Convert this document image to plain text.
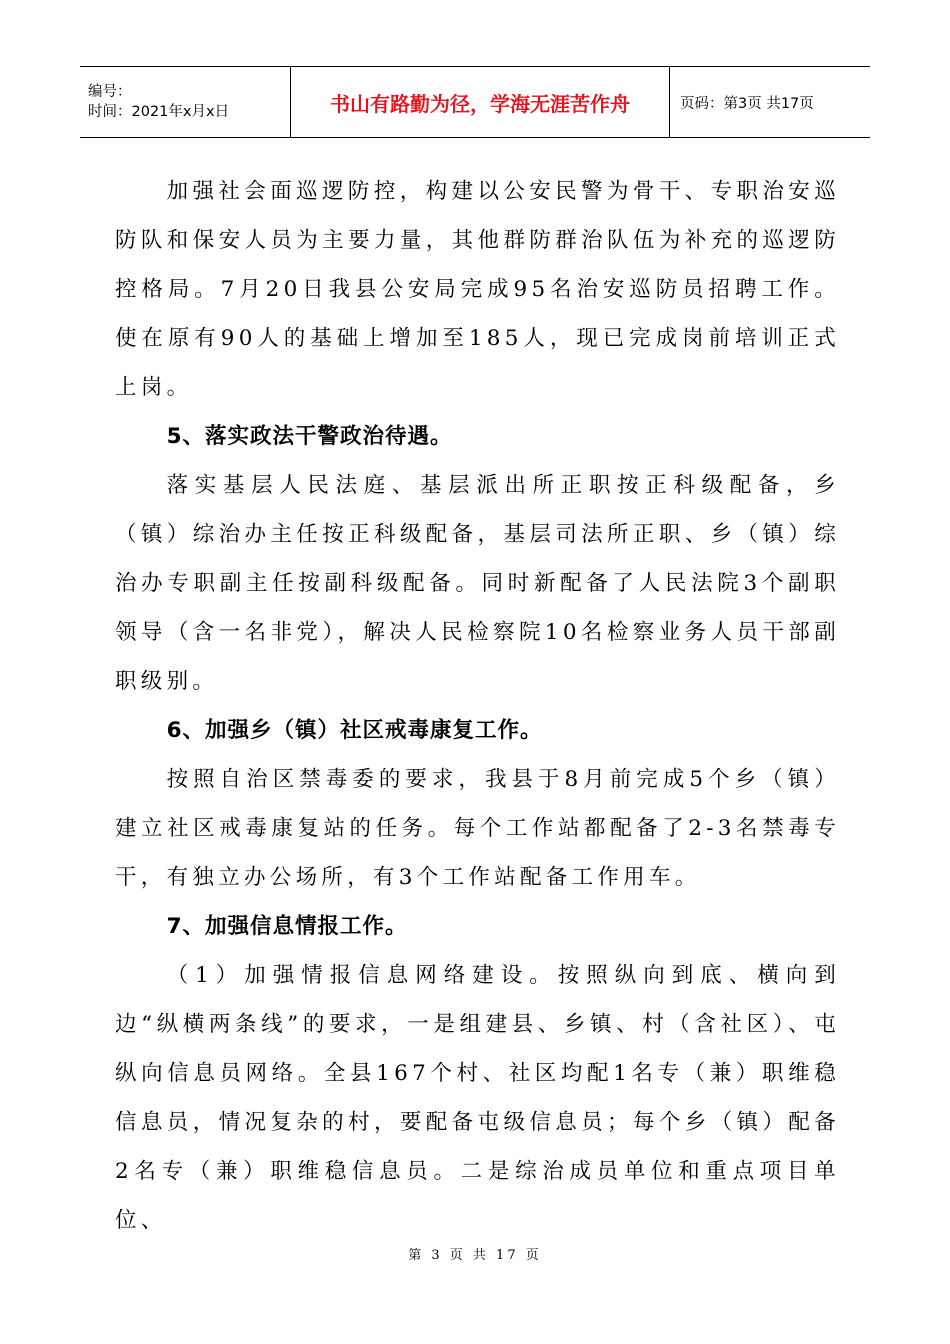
编号：
时间：2021年x月x日	书山有路勤为径，学海无涯苦作舟	页码：第3页 共17页

加强社会面巡逻防控，构建以公安民警为骨干、专职治安巡防队和保安人员为主要力量，其他群防群治队伍为补充的巡逻防控格局。7月20日我县公安局完成95名治安巡防员招聘工作。使在原有90人的基础上增加至185人，现已完成岗前培训正式上岗。

5、落实政法干警政治待遇。

落实基层人民法庭、基层派出所正职按正科级配备，乡（镇）综治办主任按正科级配备，基层司法所正职、乡（镇）综治办专职副主任按副科级配备。同时新配备了人民法院3个副职领导（含一名非党），解决人民检察院10名检察业务人员干部副职级别。

6、加强乡（镇）社区戒毒康复工作。

按照自治区禁毒委的要求，我县于8月前完成5个乡（镇）建立社区戒毒康复站的任务。每个工作站都配备了2-3名禁毒专干，有独立办公场所，有3个工作站配备工作用车。

7、加强信息情报工作。

（1）加强情报信息网络建设。按照纵向到底、横向到边“纵横两条线”的要求，一是组建县、乡镇、村（含社区）、屯纵向信息员网络。全县167个村、社区均配1名专（兼）职维稳信息员，情况复杂的村，要配备屯级信息员；每个乡（镇）配备2名专（兼）职维稳信息员。二是综治成员单位和重点项目单位、

第 3 页 共 17 页
